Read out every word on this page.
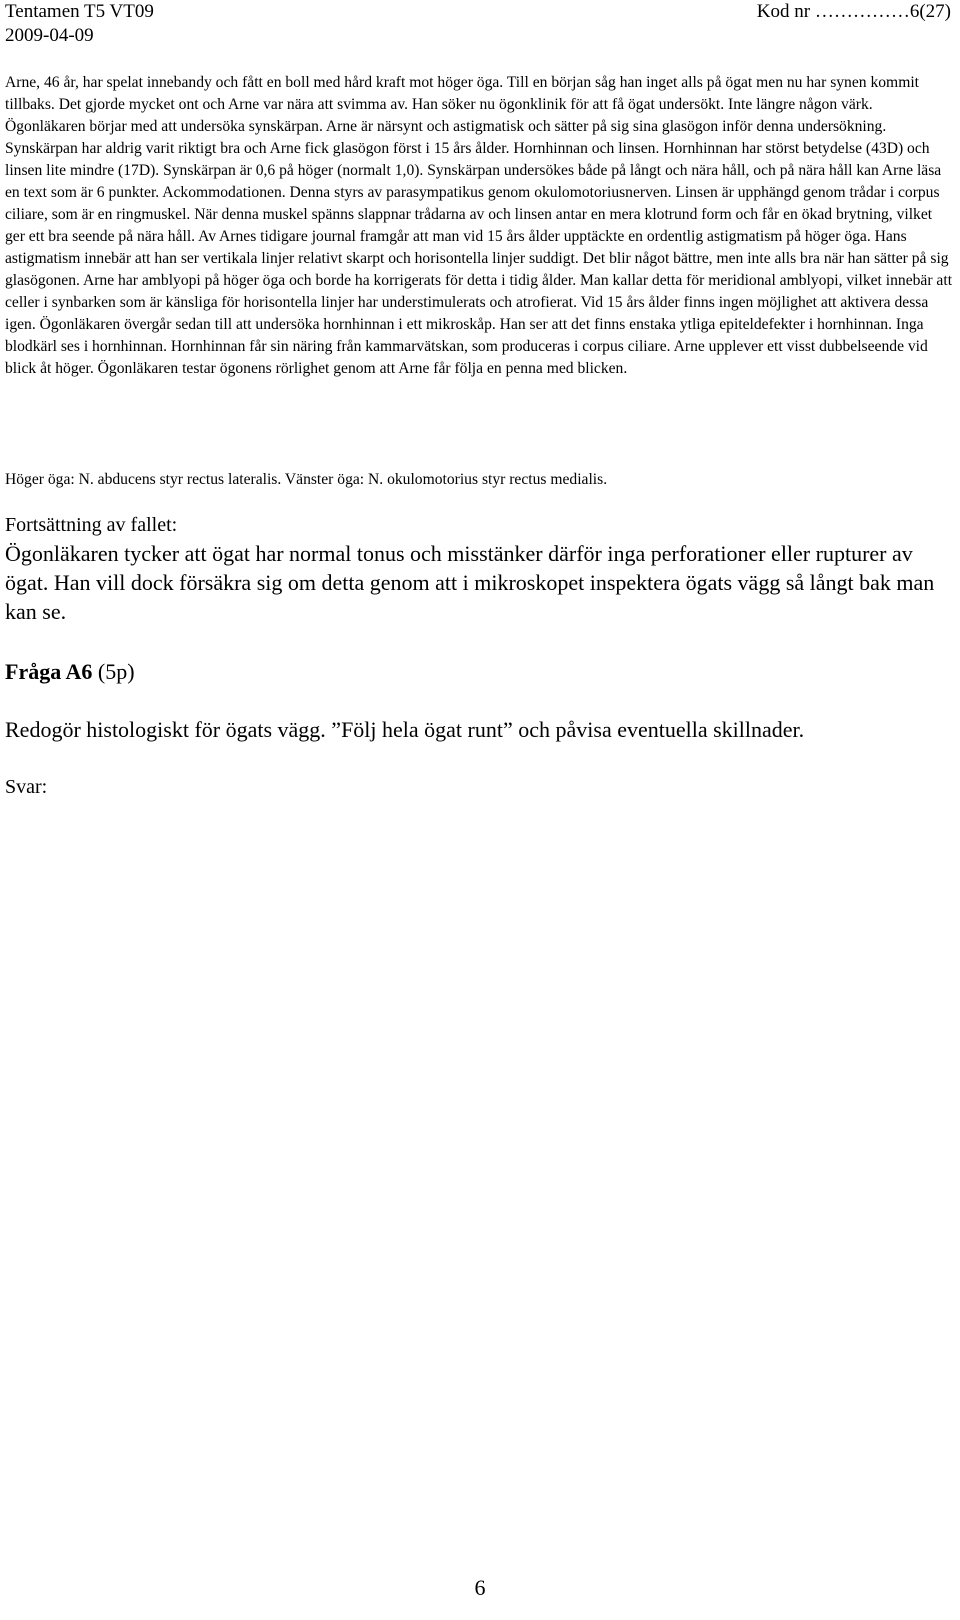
Tentamen T5 VT09
2009-04-09
Kod nr ……………6(27)
Arne, 46 år, har spelat innebandy och fått en boll med hård kraft mot höger öga. Till en början såg han inget alls på ögat men nu har synen kommit tillbaks. Det gjorde mycket ont och Arne var nära att svimma av. Han söker nu ögonklinik för att få ögat undersökt. Inte längre någon värk. Ögonläkaren börjar med att undersöka synskärpan. Arne är närsynt och astigmatisk och sätter på sig sina glasögon inför denna undersökning. Synskärpan har aldrig varit riktigt bra och Arne fick glasögon först i 15 års ålder. Hornhinnan och linsen. Hornhinnan har störst betydelse (43D) och linsen lite mindre (17D). Synskärpan är 0,6 på höger (normalt 1,0). Synskärpan undersökes både på långt och nära håll, och på nära håll kan Arne läsa en text som är 6 punkter. Ackommodationen. Denna styrs av parasympatikus genom okulomotoriusnerven. Linsen är upphängd genom trådar i corpus ciliare, som är en ringmuskel. När denna muskel spänns slappnar trådarna av och linsen antar en mera klotrund form och får en ökad brytning, vilket ger ett bra seende på nära håll. Av Arnes tidigare journal framgår att man vid 15 års ålder upptäckte en ordentlig astigmatism på höger öga. Hans astigmatism innebär att han ser vertikala linjer relativt skarpt och horisontella linjer suddigt. Det blir något bättre, men inte alls bra när han sätter på sig glasögonen. Arne har amblyopi på höger öga och borde ha korrigerats för detta i tidig ålder. Man kallar detta för meridional amblyopi, vilket innebär att celler i synbarken som är känsliga för horisontella linjer har understimulerats och atrofierat. Vid 15 års ålder finns ingen möjlighet att aktivera dessa igen. Ögonläkaren övergår sedan till att undersöka hornhinnan i ett mikroskåp. Han ser att det finns enstaka ytliga epiteldefekter i hornhinnan. Inga blodkärl ses i hornhinnan. Hornhinnan får sin näring från kammarvätskan, som produceras i corpus ciliare. Arne upplever ett visst dubbelseende vid blick åt höger. Ögonläkaren testar ögonens rörlighet genom att Arne får följa en penna med blicken.
Höger öga: N. abducens styr rectus lateralis. Vänster öga: N. okulomotorius styr rectus medialis.
Fortsättning av fallet:
Ögonläkaren tycker att ögat har normal tonus och misstänker därför inga perforationer eller rupturer av ögat. Han vill dock försäkra sig om detta genom att i mikroskopet inspektera ögats vägg så långt bak man kan se.
Fråga A6 (5p)
Redogör histologiskt för ögats vägg. ”Följ hela ögat runt” och påvisa eventuella skillnader.
Svar:
6
